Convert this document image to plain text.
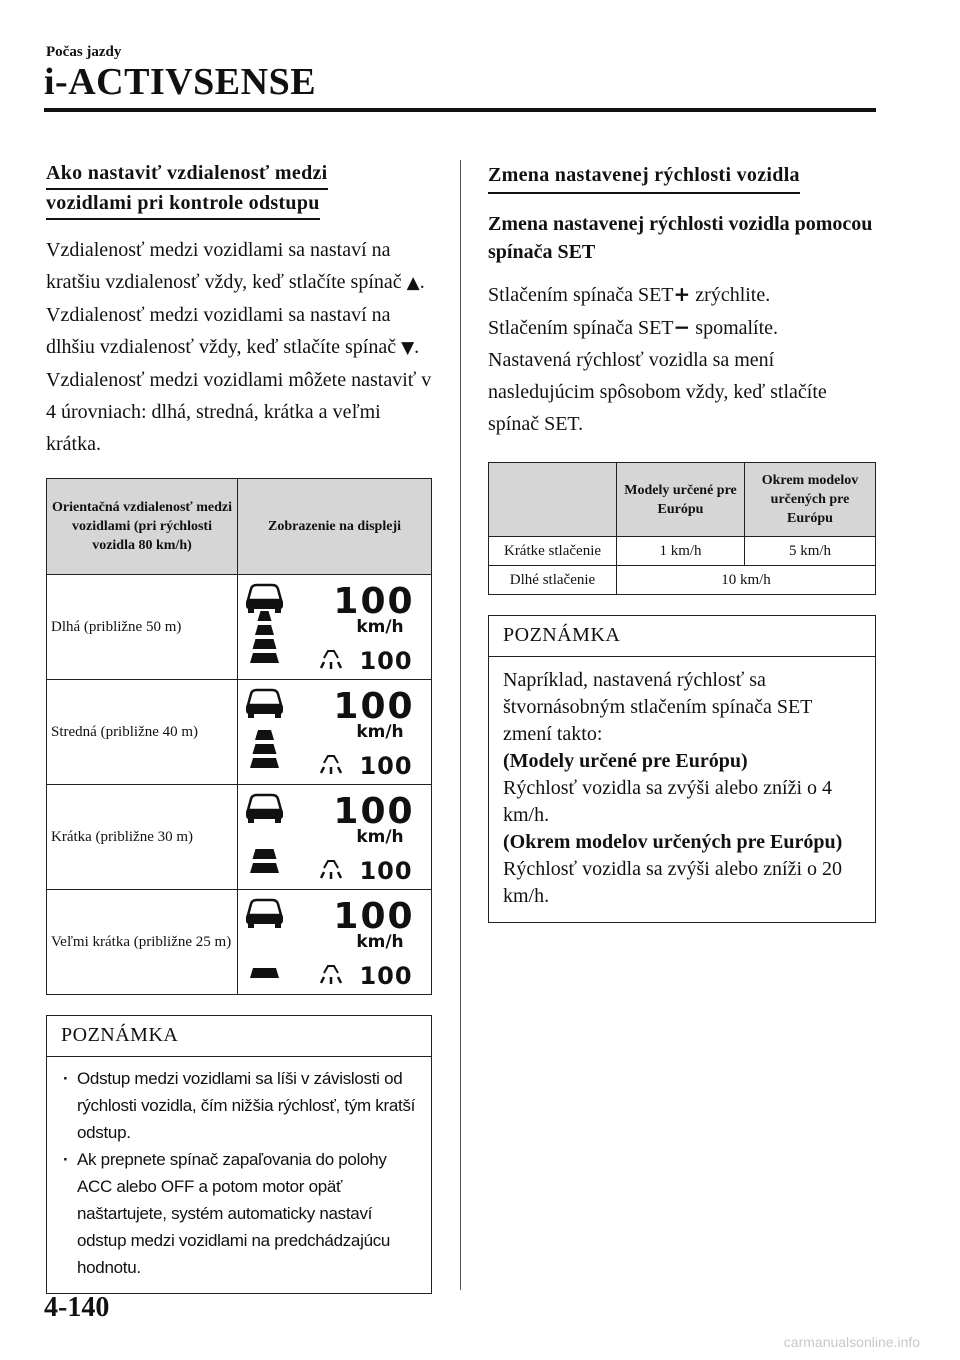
Počas jazdy
i-ACTIVSENSE
Ako nastaviť vzdialenosť medzi
vozidlami pri kontrole odstupu

Vzdialenosť medzi vozidlami sa nastaví na kratšiu vzdialenosť vždy, keď stlačíte spínač ▲. Vzdialenosť medzi vozidlami sa nastaví na dlhšiu vzdialenosť vždy, keď stlačíte spínač ▼. Vzdialenosť medzi vozidlami môžete nastaviť v 4 úrovniach: dlhá, stredná, krátka a veľmi krátka.

Orientačná vzdialenosť medzi vozidlami (pri rýchlosti vozidla 80 km/h)	Zobrazenie na displeji
Dlhá (približne 50 m)	100
km/h
100

Stredná (približne 40 m)	100
km/h
100

Krátka (približne 30 m)	100
km/h
100

Veľmi krátka (približne 25 m)	100
km/h
100
POZNÁMKA
· Odstup medzi vozidlami sa líši v závislosti od rýchlosti vozidla, čím nižšia rýchlosť, tým kratší odstup.
· Ak prepnete spínač zapaľovania do polohy ACC alebo OFF a potom motor opäť naštartujete, systém automaticky nastaví odstup medzi vozidlami na predchádzajúcu hodnotu.
Zmena nastavenej rýchlosti vozidla
Zmena nastavenej rýchlosti vozidla pomocou spínača SET

Stlačením spínača SET+ zrýchlite.
Stlačením spínača SET− spomalíte.
Nastavená rýchlosť vozidla sa mení nasledujúcim spôsobom vždy, keď stlačíte spínač SET.

	Modely určené pre Európu	Okrem modelov určených pre Európu
Krátke stlačenie	1 km/h	5 km/h
Dlhé stlačenie	10 km/h	
POZNÁMKA
Napríklad, nastavená rýchlosť sa štvornásobným stlačením spínača SET zmení takto:
(Modely určené pre Európu)
Rýchlosť vozidla sa zvýši alebo zníži o 4 km/h.
(Okrem modelov určených pre Európu)
Rýchlosť vozidla sa zvýši alebo zníži o 20 km/h.
4-140
carmanualsonline.info
